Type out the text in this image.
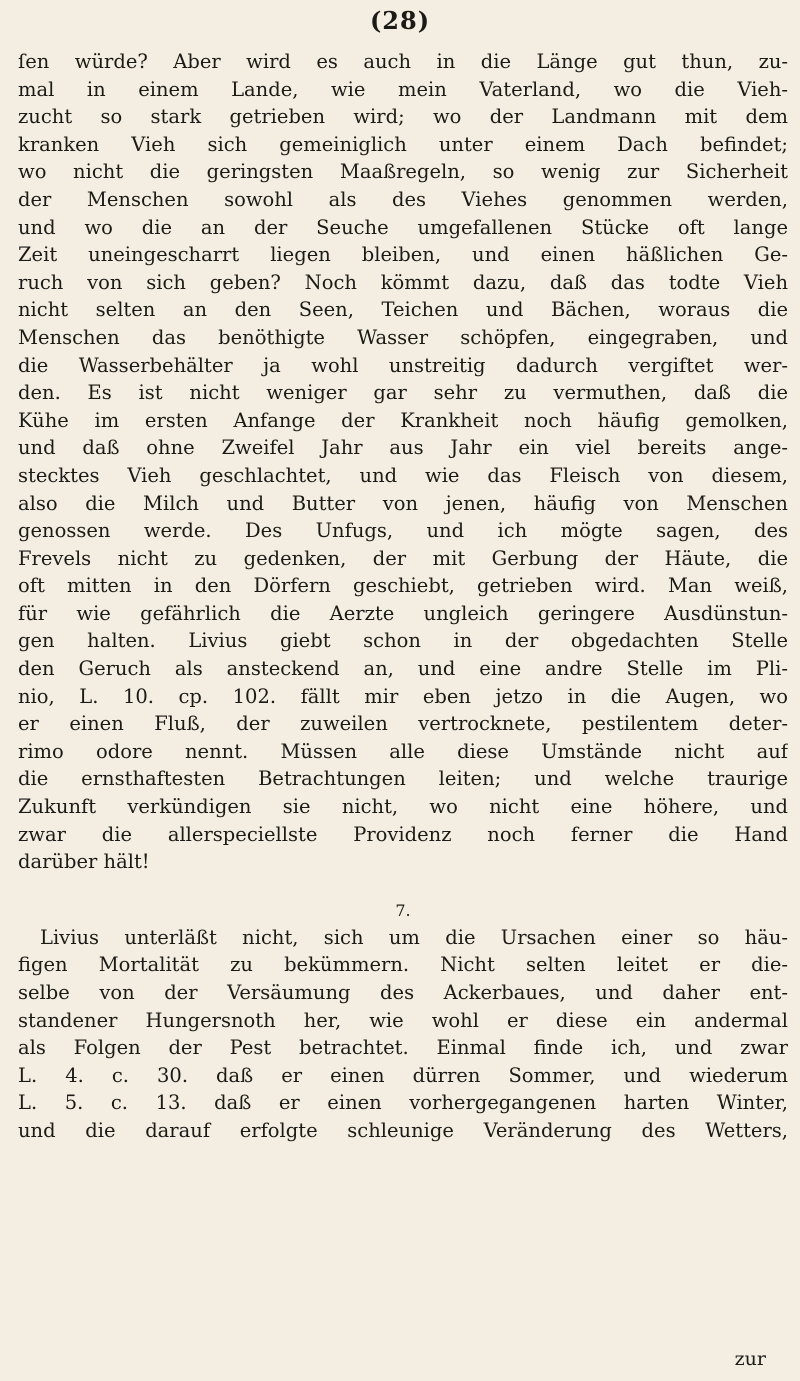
(28)
ſen würde? Aber wird es auch in die Länge gut thun, zu-
mal in einem Lande, wie mein Vaterland, wo die Vieh-
zucht so stark getrieben wird; wo der Landmann mit dem
kranken Vieh sich gemeiniglich unter einem Dach befindet;
wo nicht die geringsten Maaßregeln, so wenig zur Sicherheit
der Menschen sowohl als des Viehes genommen werden,
und wo die an der Seuche umgefallenen Stücke oft lange
Zeit uneingescharrt liegen bleiben, und einen häßlichen Ge-
ruch von sich geben? Noch kömmt dazu, daß das todte Vieh
nicht selten an den Seen, Teichen und Bächen, woraus die
Menschen das benöthigte Wasser schöpfen, eingegraben, und
die Wasserbehälter ja wohl unstreitig dadurch vergiftet wer-
den. Es ist nicht weniger gar sehr zu vermuthen, daß die
Kühe im ersten Anfange der Krankheit noch häufig gemolken,
und daß ohne Zweifel Jahr aus Jahr ein viel bereits ange-
stecktes Vieh geschlachtet, und wie das Fleisch von diesem,
also die Milch und Butter von jenen, häufig von Menschen
genossen werde. Des Unfugs, und ich mögte sagen, des
Frevels nicht zu gedenken, der mit Gerbung der Häute, die
oft mitten in den Dörfern geschiebt, getrieben wird. Man weiß,
für wie gefährlich die Aerzte ungleich geringere Ausdünstun-
gen halten. Livius giebt schon in der obgedachten Stelle
den Geruch als ansteckend an, und eine andre Stelle im Pli-
nio, L. 10. cp. 102. fällt mir eben jetzo in die Augen, wo
er einen Fluß, der zuweilen vertrocknete, pestilentem deter-
rimo odore nennt. Müssen alle diese Umstände nicht auf
die ernsthaftesten Betrachtungen leiten; und welche traurige
Zukunft verkündigen sie nicht, wo nicht eine höhere, und
zwar die allerspeciellste Providenz noch ferner die Hand
darüber hält!
7.
Livius unterläßt nicht, sich um die Ursachen einer so häu-
figen Mortalität zu bekümmern. Nicht selten leitet er die-
selbe von der Versäumung des Ackerbaues, und daher ent-
standener Hungersnoth her, wie wohl er diese ein andermal
als Folgen der Pest betrachtet. Einmal finde ich, und zwar
L. 4. c. 30. daß er einen dürren Sommer, und wiederum
L. 5. c. 13. daß er einen vorhergegangenen harten Winter,
und die darauf erfolgte schleunige Veränderung des Wetters,
zur
